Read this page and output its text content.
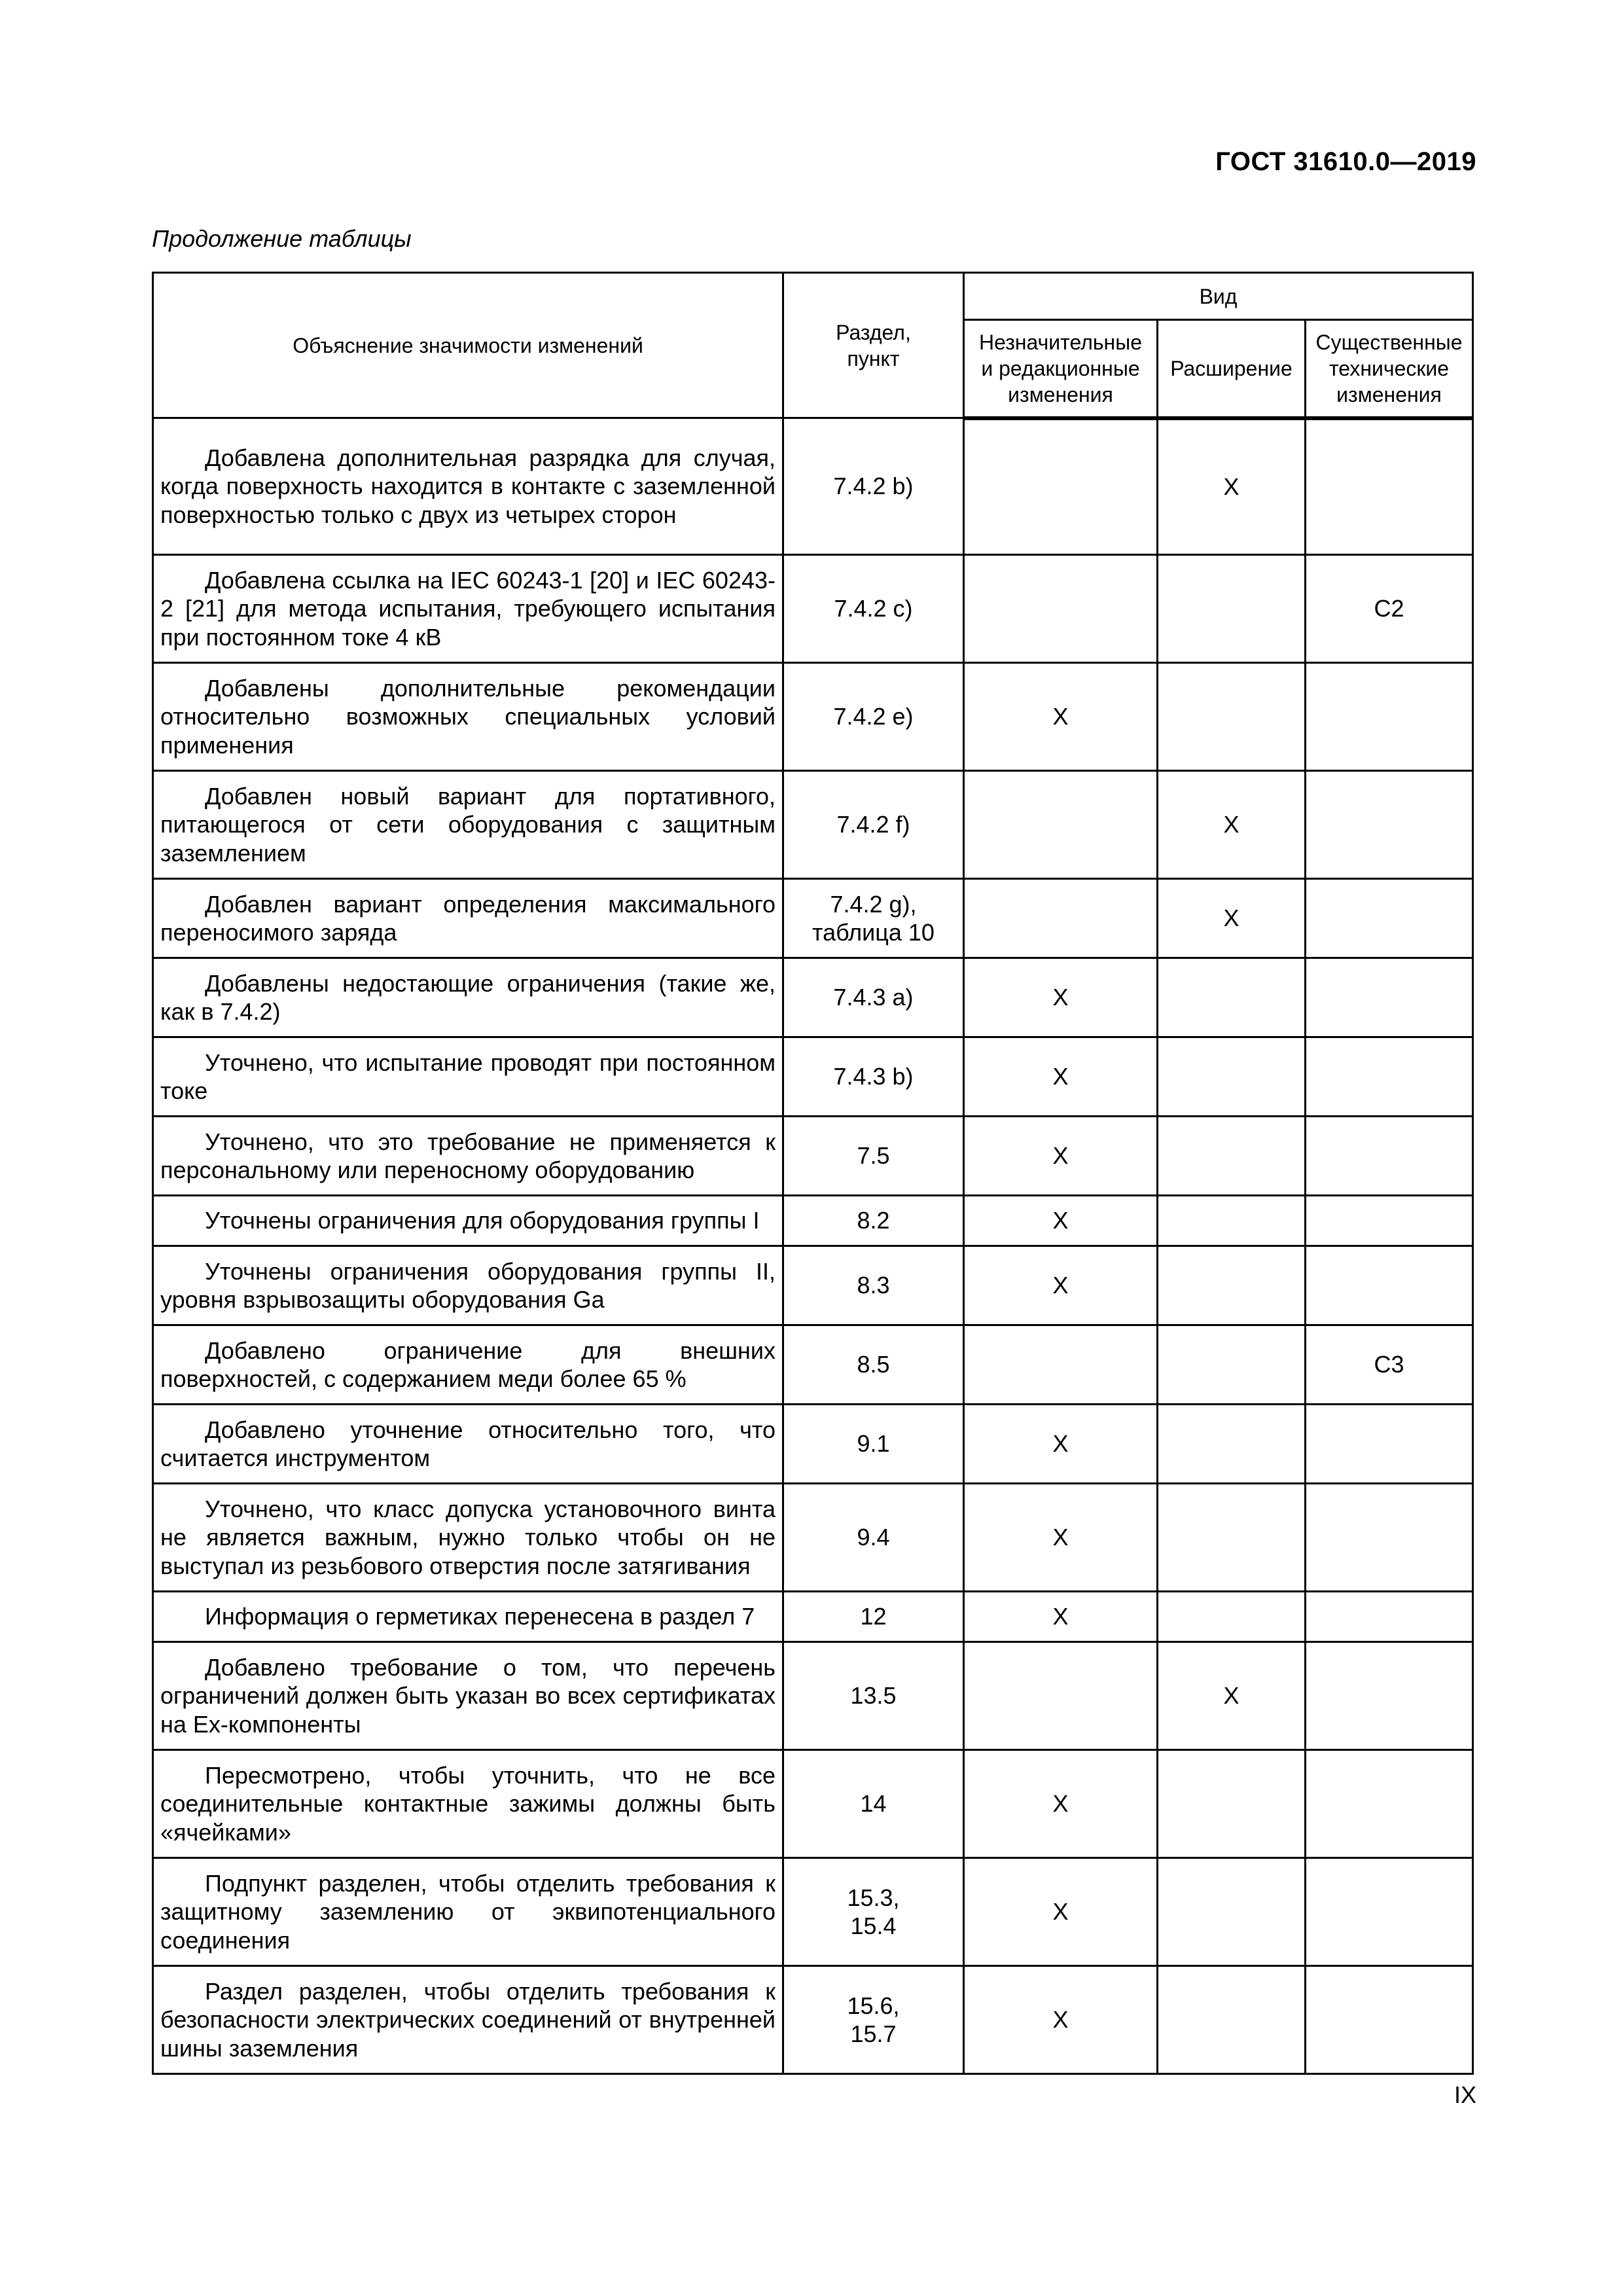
ГОСТ 31610.0—2019
Продолжение таблицы
Объяснение значимости изменений	Раздел, пункт	Вид		
		Незначительные и редакционные изменения	Расширение	Существенные технические изменения
Добавлена дополнительная разрядка для случая, когда поверхность находится в контакте с заземленной поверхностью только с двух из четырех сторон	7.4.2 b)		X	
Добавлена ссылка на IEC 60243-1 [20] и IEC 60243-2 [21] для метода испытания, требующего испытания при постоянном токе 4 кВ	7.4.2 c)			C2
Добавлены дополнительные рекомендации относительно возможных специальных условий применения	7.4.2 e)	X		
Добавлен новый вариант для портативного, питающегося от сети оборудования с защитным заземлением	7.4.2 f)		X	
Добавлен вариант определения максимального переносимого заряда	7.4.2 g), таблица 10		X	
Добавлены недостающие ограничения (такие же, как в 7.4.2)	7.4.3 a)	X		
Уточнено, что испытание проводят при постоянном токе	7.4.3 b)	X		
Уточнено, что это требование не применяется к персональному или переносному оборудованию	7.5	X		
Уточнены ограничения для оборудования группы I	8.2	X		
Уточнены ограничения оборудования группы II, уровня взрывозащиты оборудования Ga	8.3	X		
Добавлено ограничение для внешних поверхностей, с содержанием меди более 65 %	8.5			C3
Добавлено уточнение относительно того, что считается инструментом	9.1	X		
Уточнено, что класс допуска установочного винта не является важным, нужно только чтобы он не выступал из резьбового отверстия после затягивания	9.4	X		
Информация о герметиках перенесена в раздел 7	12	X		
Добавлено требование о том, что перечень ограничений должен быть указан во всех сертификатах на Ex-компоненты	13.5		X	
Пересмотрено, чтобы уточнить, что не все соединительные контактные зажимы должны быть «ячейками»	14	X		
Подпункт разделен, чтобы отделить требования к защитному заземлению от эквипотенциального соединения	15.3, 15.4	X		
Раздел разделен, чтобы отделить требования к безопасности электрических соединений от внутренней шины заземления	15.6, 15.7	X		
IX
